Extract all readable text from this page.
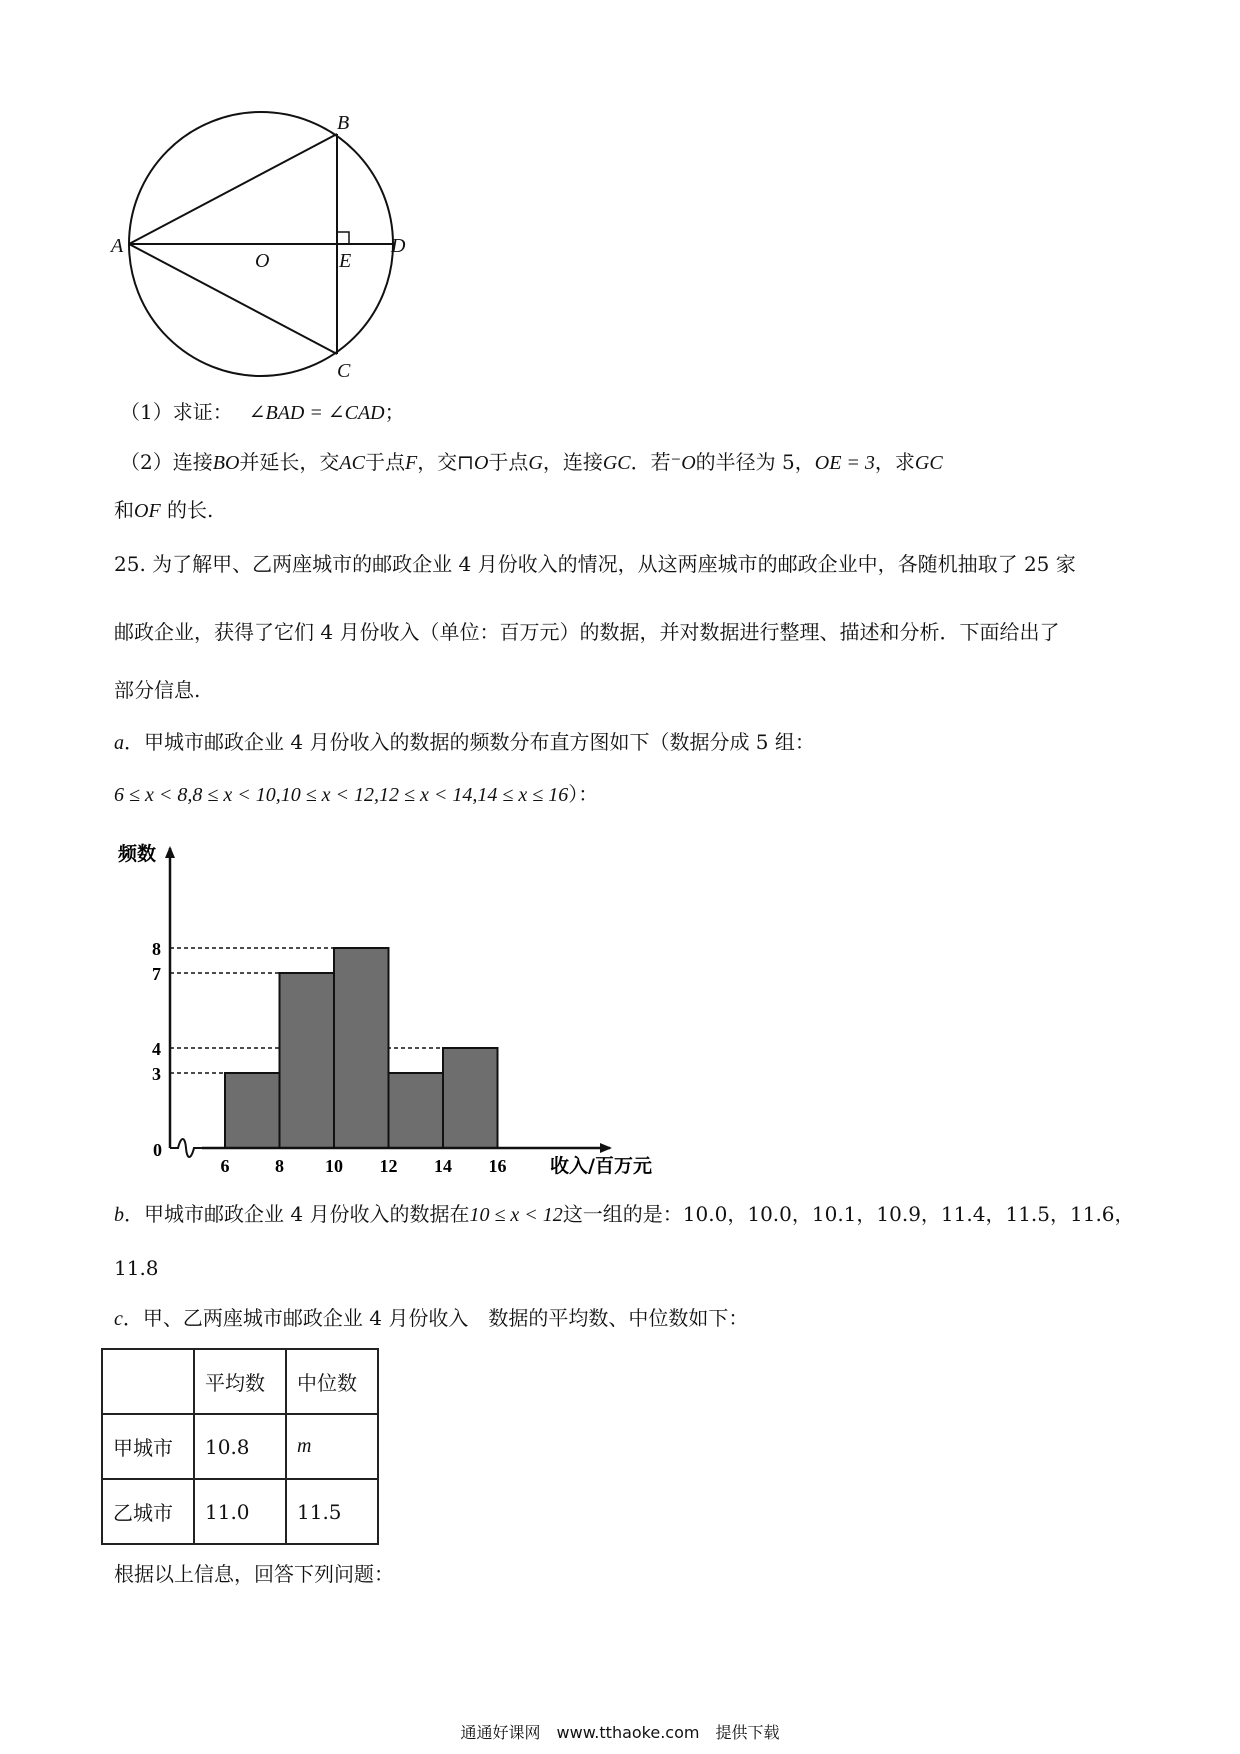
A
B
C
D
E
O
（1）求证： ∠BAD = ∠CAD；
（2）连接BO并延长，交AC于点F，交⊓O于点G，连接GC．若⁻O的半径为 5，OE = 3，求GC
和OF 的长.
25. 为了解甲、乙两座城市的邮政企业 4 月份收入的情况，从这两座城市的邮政企业中，各随机抽取了 25 家
邮政企业，获得了它们 4 月份收入（单位：百万元）的数据，并对数据进行整理、描述和分析．下面给出了
部分信息.
a．甲城市邮政企业 4 月份收入的数据的频数分布直方图如下（数据分成 5 组：
6 ≤ x < 8,8 ≤ x < 10,10 ≤ x < 12,12 ≤ x < 14,14 ≤ x ≤ 16）：
3
4
7
8
6	8 10 12 14 16
频数
0
收入/百万元
b．甲城市邮政企业 4 月份收入的数据在10 ≤ x < 12这一组的是：10.0，10.0，10.1，10.9，11.4，11.5，11.6，
11.8
c．甲、乙两座城市邮政企业 4 月份收入　数据的平均数、中位数如下：
	平均数	中位数
甲城市	10.8	m
乙城市	11.0	11.5
根据以上信息，回答下列问题：
通通好课网　www.tthaoke.com　提供下载
